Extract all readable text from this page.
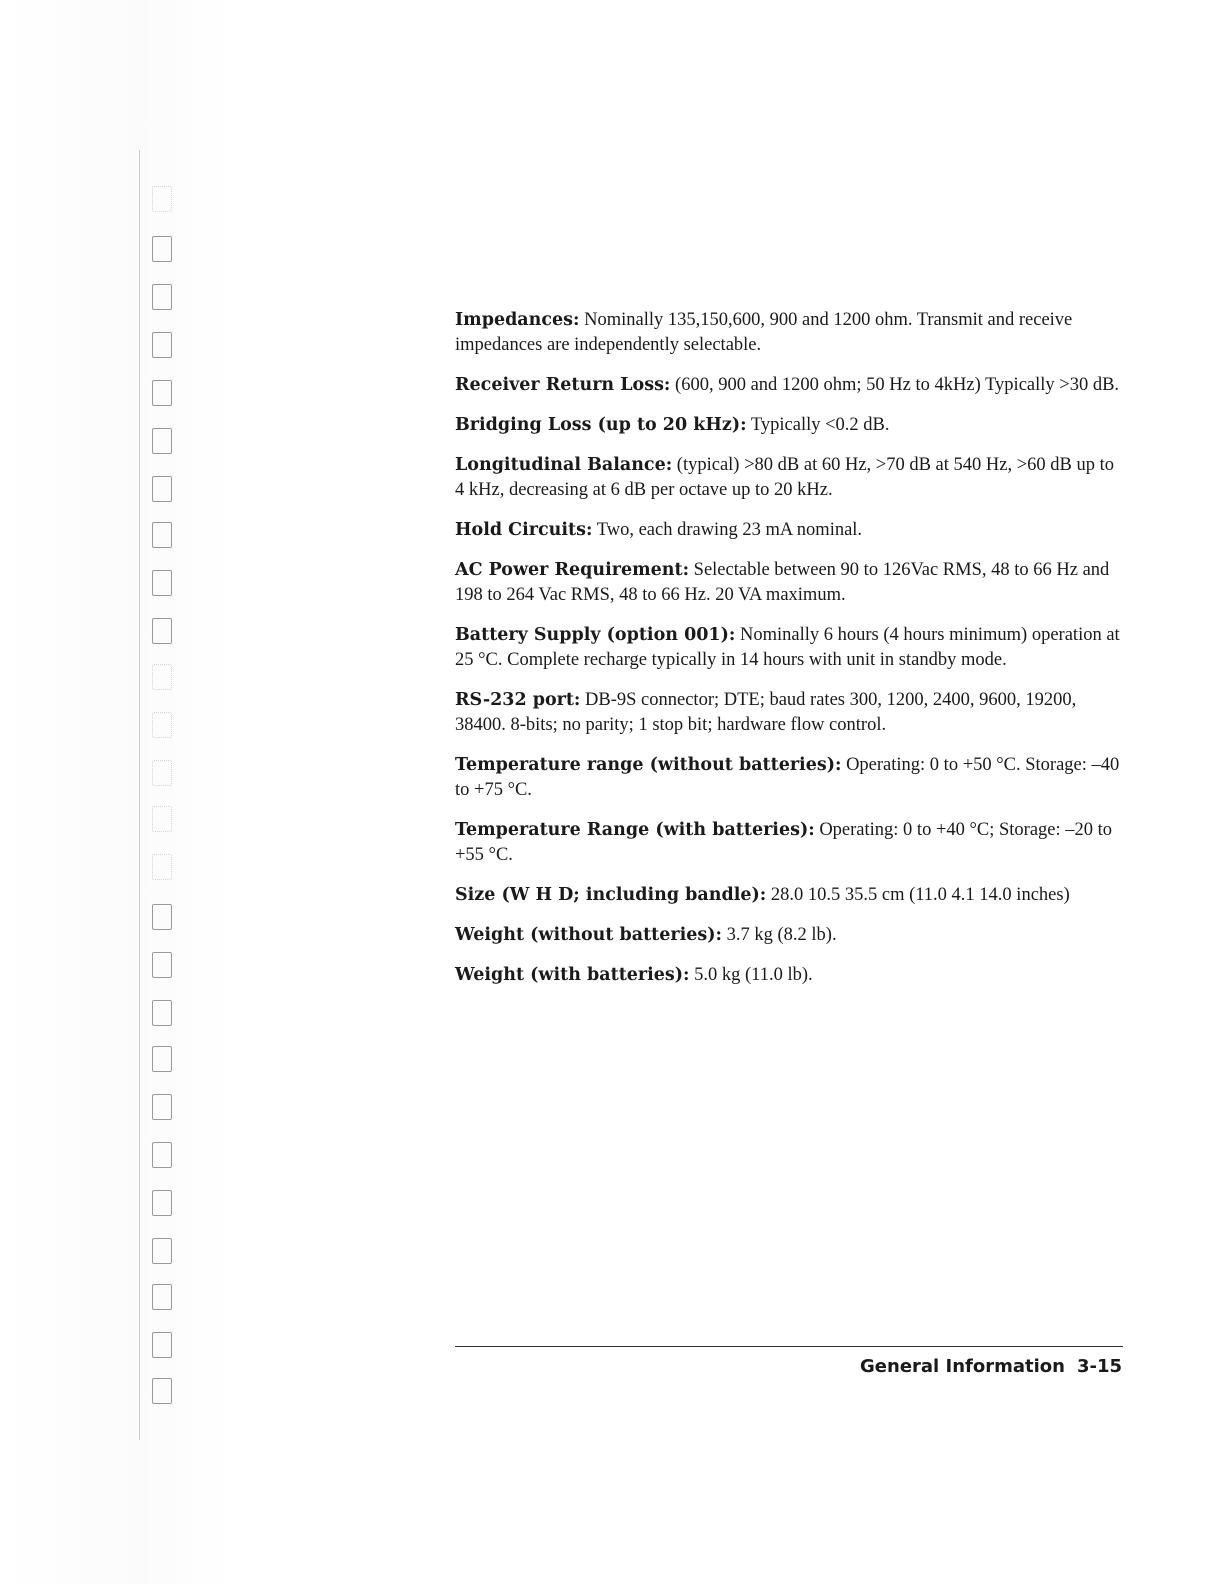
Impedances: Nominally 135,150,600, 900 and 1200 ohm. Transmit and receive impedances are independently selectable.

Receiver Return Loss: (600, 900 and 1200 ohm; 50 Hz to 4kHz) Typically >30 dB.

Bridging Loss (up to 20 kHz): Typically <0.2 dB.

Longitudinal Balance: (typical) >80 dB at 60 Hz, >70 dB at 540 Hz, >60 dB up to 4 kHz, decreasing at 6 dB per octave up to 20 kHz.

Hold Circuits: Two, each drawing 23 mA nominal.

AC Power Requirement: Selectable between 90 to 126Vac RMS, 48 to 66 Hz and 198 to 264 Vac RMS, 48 to 66 Hz. 20 VA maximum.

Battery Supply (option 001): Nominally 6 hours (4 hours minimum) operation at 25 °C. Complete recharge typically in 14 hours with unit in standby mode.

RS-232 port: DB-9S connector; DTE; baud rates 300, 1200, 2400, 9600, 19200, 38400. 8-bits; no parity; 1 stop bit; hardware flow control.

Temperature range (without batteries): Operating: 0 to +50 °C. Storage: –40 to +75 °C.

Temperature Range (with batteries): Operating: 0 to +40 °C; Storage: –20 to +55 °C.

Size (W H D; including bandle): 28.0 10.5 35.5 cm (11.0 4.1 14.0 inches)

Weight (without batteries): 3.7 kg (8.2 lb).

Weight (with batteries): 5.0 kg (11.0 lb).

General Information 3-15
